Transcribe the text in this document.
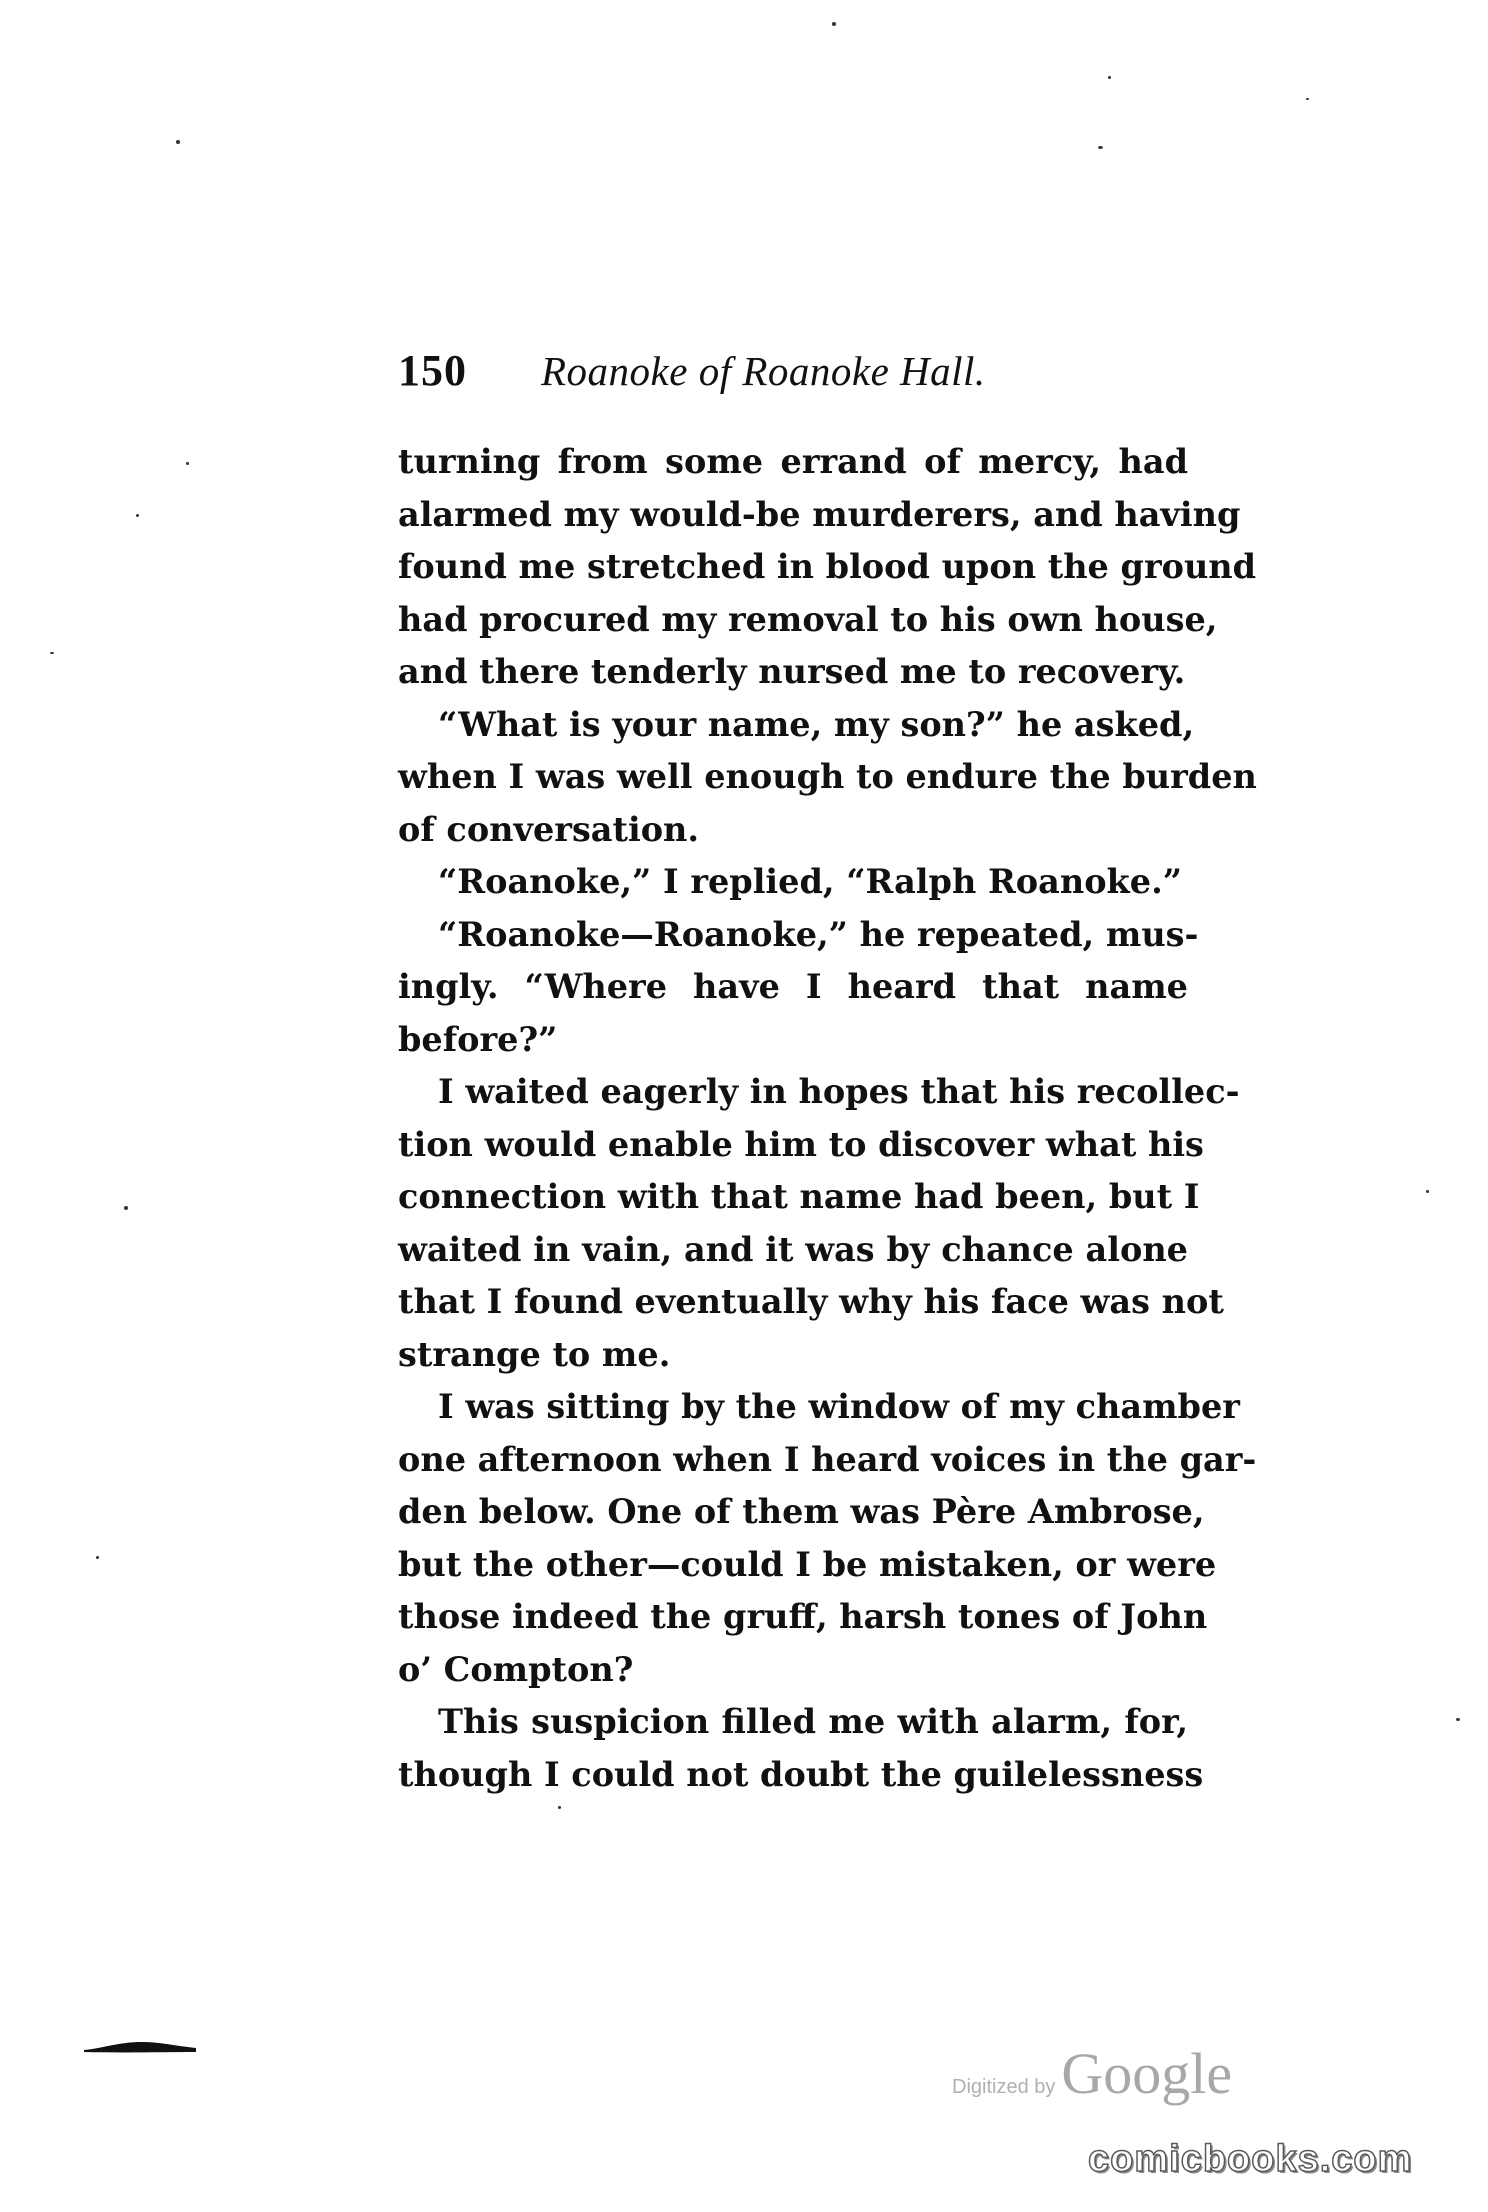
150 Roanoke of Roanoke Hall.
turning from some errand of mercy, had
alarmed my would-be murderers, and having
found me stretched in blood upon the ground
had procured my removal to his own house,
and there tenderly nursed me to recovery.
“What is your name, my son?” he asked,
when I was well enough to endure the burden
of conversation.
“Roanoke,” I replied, “Ralph Roanoke.”
“Roanoke—Roanoke,” he repeated, mus-
ingly. “Where have I heard that name
before?”
I waited eagerly in hopes that his recollec-
tion would enable him to discover what his
connection with that name had been, but I
waited in vain, and it was by chance alone
that I found eventually why his face was not
strange to me.
I was sitting by the window of my chamber
one afternoon when I heard voices in the gar-
den below. One of them was Père Ambrose,
but the other—could I be mistaken, or were
those indeed the gruff, harsh tones of John
o’ Compton?
This suspicion filled me with alarm, for,
though I could not doubt the guilelessness
Digitized by Google
comicbooks.com
